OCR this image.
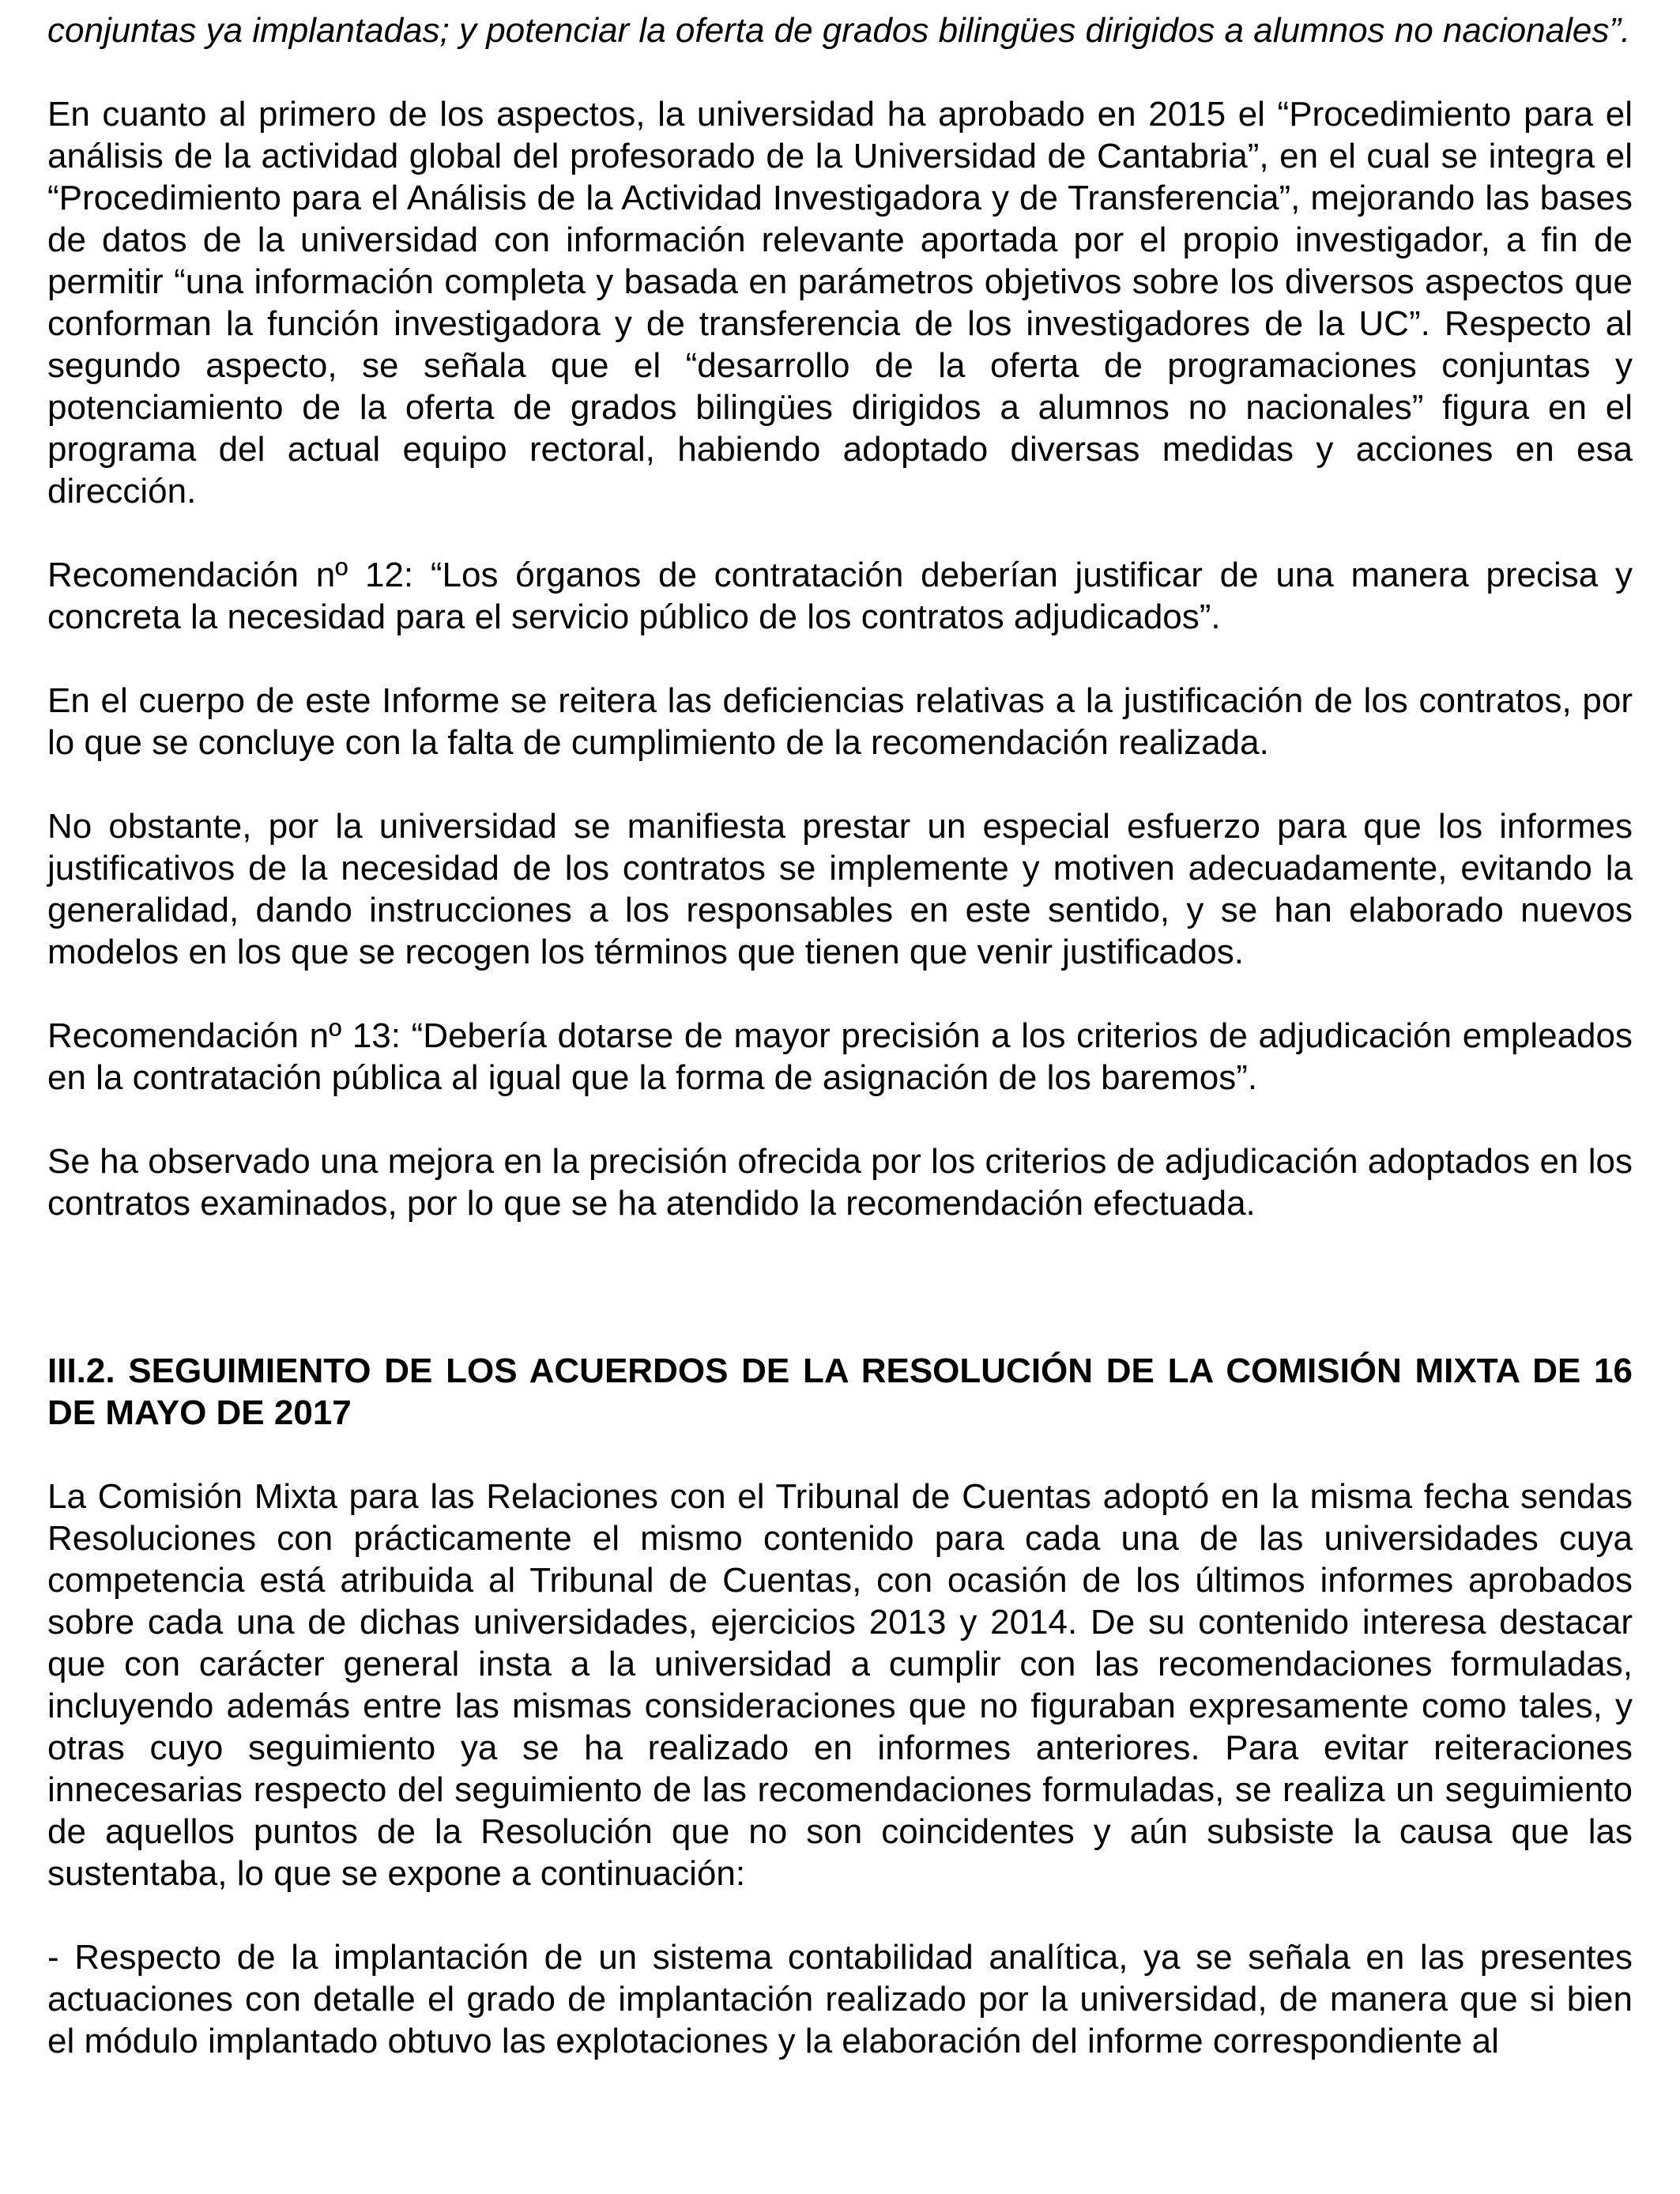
conjuntas ya implantadas; y potenciar la oferta de grados bilingües dirigidos a alumnos no nacionales”.

En cuanto al primero de los aspectos, la universidad ha aprobado en 2015 el “Procedimiento para el análisis de la actividad global del profesorado de la Universidad de Cantabria”, en el cual se integra el “Procedimiento para el Análisis de la Actividad Investigadora y de Transferencia”, mejorando las bases de datos de la universidad con información relevante aportada por el propio investigador, a fin de permitir “una información completa y basada en parámetros objetivos sobre los diversos aspectos que conforman la función investigadora y de transferencia de los investigadores de la UC”. Respecto al segundo aspecto, se señala que el “desarrollo de la oferta de programaciones conjuntas y potenciamiento de la oferta de grados bilingües dirigidos a alumnos no nacionales” figura en el programa del actual equipo rectoral, habiendo adoptado diversas medidas y acciones en esa dirección.

Recomendación nº 12: “Los órganos de contratación deberían justificar de una manera precisa y concreta la necesidad para el servicio público de los contratos adjudicados”.

En el cuerpo de este Informe se reitera las deficiencias relativas a la justificación de los contratos, por lo que se concluye con la falta de cumplimiento de la recomendación realizada.

No obstante, por la universidad se manifiesta prestar un especial esfuerzo para que los informes justificativos de la necesidad de los contratos se implemente y motiven adecuadamente, evitando la generalidad, dando instrucciones a los responsables en este sentido, y se han elaborado nuevos modelos en los que se recogen los términos que tienen que venir justificados.

Recomendación nº 13: “Debería dotarse de mayor precisión a los criterios de adjudicación empleados en la contratación pública al igual que la forma de asignación de los baremos”.

Se ha observado una mejora en la precisión ofrecida por los criterios de adjudicación adoptados en los contratos examinados, por lo que se ha atendido la recomendación efectuada.

III.2. SEGUIMIENTO DE LOS ACUERDOS DE LA RESOLUCIÓN DE LA COMISIÓN MIXTA DE 16 DE MAYO DE 2017

La Comisión Mixta para las Relaciones con el Tribunal de Cuentas adoptó en la misma fecha sendas Resoluciones con prácticamente el mismo contenido para cada una de las universidades cuya competencia está atribuida al Tribunal de Cuentas, con ocasión de los últimos informes aprobados sobre cada una de dichas universidades, ejercicios 2013 y 2014. De su contenido interesa destacar que con carácter general insta a la universidad a cumplir con las recomendaciones formuladas, incluyendo además entre las mismas consideraciones que no figuraban expresamente como tales, y otras cuyo seguimiento ya se ha realizado en informes anteriores. Para evitar reiteraciones innecesarias respecto del seguimiento de las recomendaciones formuladas, se realiza un seguimiento de aquellos puntos de la Resolución que no son coincidentes y aún subsiste la causa que las sustentaba, lo que se expone a continuación:

- Respecto de la implantación de un sistema contabilidad analítica, ya se señala en las presentes actuaciones con detalle el grado de implantación realizado por la universidad, de manera que si bien el módulo implantado obtuvo las explotaciones y la elaboración del informe correspondiente al
